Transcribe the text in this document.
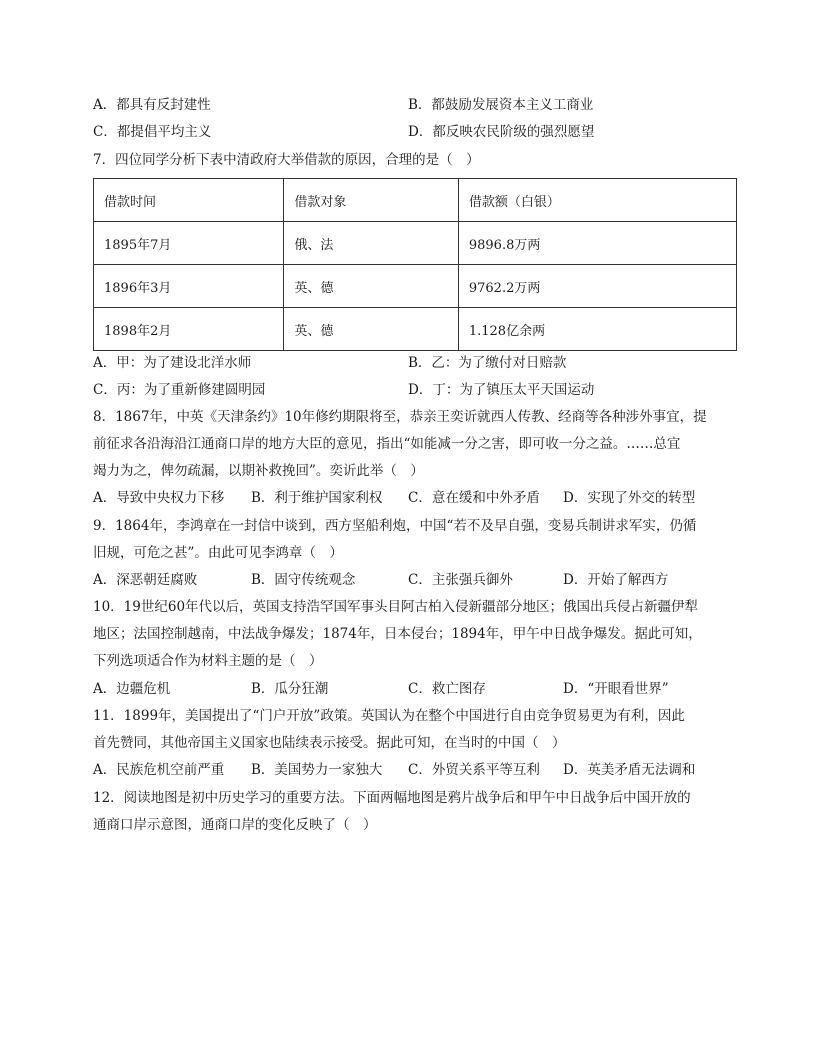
A．都具有反封建性	B．都鼓励发展资本主义工商业
C．都提倡平均主义	D．都反映农民阶级的强烈愿望
7．四位同学分析下表中清政府大举借款的原因，合理的是（　）
借款时间	借款对象	借款额（白银）
1895年7月	俄、法	9896.8万两
1896年3月	英、德	9762.2万两
1898年2月	英、德	1.128亿余两
A．甲：为了建设北洋水师	B．乙：为了缴付对日赔款
C．丙：为了重新修建圆明园	D．丁：为了镇压太平天国运动
8．1867年，中英《天津条约》10年修约期限将至，恭亲王奕䜣就西人传教、经商等各种涉外事宜，提
前征求各沿海沿江通商口岸的地方大臣的意见，指出“如能减一分之害，即可收一分之益。……总宜
竭力为之，俾勿疏漏，以期补救挽回”。奕䜣此举（　）
A．导致中央权力下移 B．利于维护国家利权 C．意在缓和中外矛盾 D．实现了外交的转型
9．1864年，李鸿章在一封信中谈到，西方坚船利炮，中国“若不及早自强，变易兵制讲求军实，仍循
旧规，可危之甚”。由此可见李鸿章（　）
A．深恶朝廷腐败	B．固守传统观念	C．主张强兵御外	D．开始了解西方
10．19世纪60年代以后，英国支持浩罕国军事头目阿古柏入侵新疆部分地区；俄国出兵侵占新疆伊犁
地区；法国控制越南，中法战争爆发；1874年，日本侵台；1894年，甲午中日战争爆发。据此可知，
下列选项适合作为材料主题的是（　）
A．边疆危机	B．瓜分狂潮	C．救亡图存	D．“开眼看世界”
11．1899年，美国提出了“门户开放”政策。英国认为在整个中国进行自由竞争贸易更为有利，因此
首先赞同，其他帝国主义国家也陆续表示接受。据此可知，在当时的中国（　）
A．民族危机空前严重 B．美国势力一家独大 C．外贸关系平等互利 D．英美矛盾无法调和
12．阅读地图是初中历史学习的重要方法。下面两幅地图是鸦片战争后和甲午中日战争后中国开放的
通商口岸示意图，通商口岸的变化反映了（　）
